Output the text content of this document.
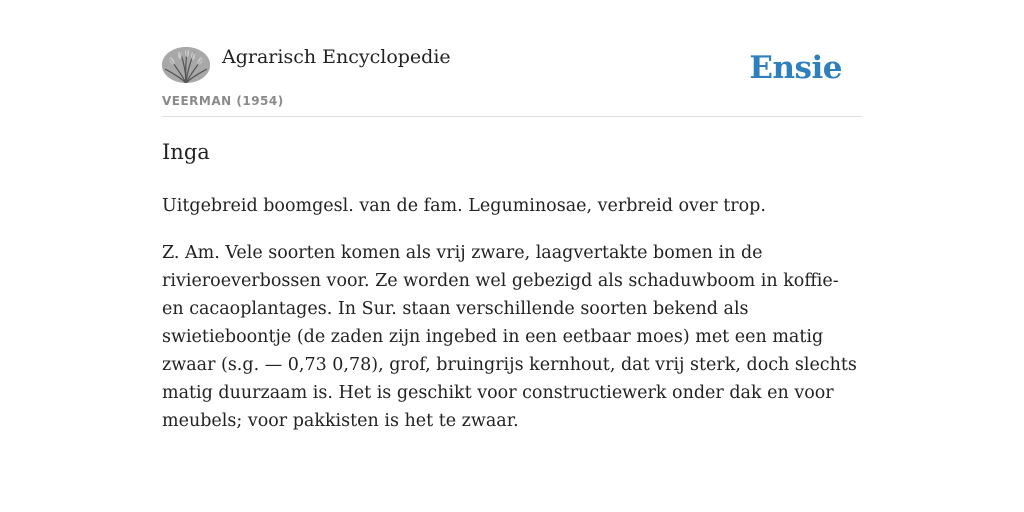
Agrarisch Encyclopedie
VEERMAN (1954)
Ensie
Inga

Uitgebreid boomgesl. van de fam. Leguminosae, verbreid over trop.

Z. Am. Vele soorten komen als vrij zware, laagvertakte bomen in de rivieroeverbossen voor. Ze worden wel gebezigd als schaduwboom in koffie- en cacaoplantages. In Sur. staan verschillende soorten bekend als swietieboontje (de zaden zijn ingebed in een eetbaar moes) met een matig zwaar (s.g. — 0,73 0,78), grof, bruingrijs kernhout, dat vrij sterk, doch slechts matig duurzaam is. Het is geschikt voor constructiewerk onder dak en voor meubels; voor pakkisten is het te zwaar.
